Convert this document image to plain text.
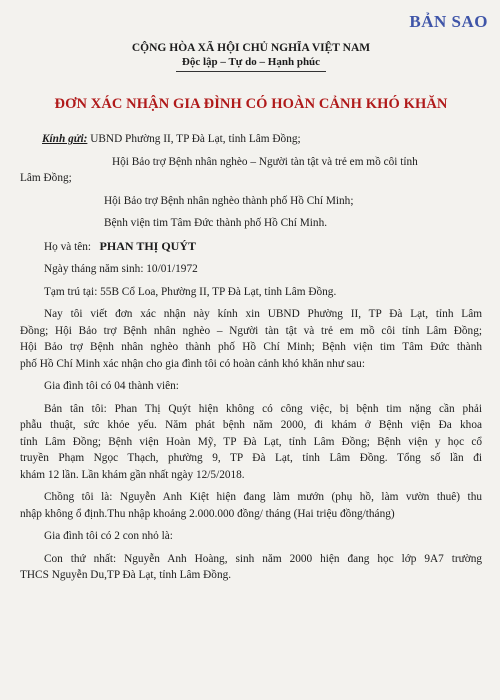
BẢN SAO
CỘNG HÒA XÃ HỘI CHỦ NGHĨA VIỆT NAM
Độc lập – Tự do – Hạnh phúc
ĐƠN XÁC NHẬN GIA ĐÌNH CÓ HOÀN CẢNH KHÓ KHĂN
Kính gửi: UBND Phường II, TP Đà Lạt, tỉnh Lâm Đồng;
Hội Bảo trợ Bệnh nhân nghèo – Người tàn tật và trẻ em mồ côi tỉnh
Lâm Đồng;
Hội Bảo trợ Bệnh nhân nghèo thành phố Hồ Chí Minh;
Bệnh viện tim Tâm Đức thành phố Hồ Chí Minh.
Họ và tên: PHAN THỊ QUÝT
Ngày tháng năm sinh: 10/01/1972
Tạm trú tại: 55B Cổ Loa, Phường II, TP Đà Lạt, tỉnh Lâm Đồng.
Nay tôi viết đơn xác nhận này kính xin UBND Phường II, TP Đà Lạt, tỉnh Lâm
Đồng; Hội Bảo trợ Bệnh nhân nghèo – Người tàn tật và trẻ em mồ côi tỉnh Lâm Đồng;
Hội Bảo trợ Bệnh nhân nghèo thành phố Hồ Chí Minh; Bệnh viện tim Tâm Đức thành
phố Hồ Chí Minh xác nhận cho gia đình tôi có hoàn cảnh khó khăn như sau:
Gia đình tôi có 04 thành viên:
Bản tân tôi: Phan Thị Quýt hiện không có công việc, bị bệnh tim nặng cần phải
phẫu thuật, sức khỏe yếu. Năm phát bệnh năm 2000, đi khám ở Bệnh viện Đa khoa
tỉnh Lâm Đồng; Bệnh viện Hoàn Mỹ, TP Đà Lạt, tỉnh Lâm Đồng; Bệnh viện y học cổ
truyền Phạm Ngọc Thạch, phường 9, TP Đà Lạt, tỉnh Lâm Đồng. Tổng số lần đi
khám 12 lần. Lần khám gần nhất ngày 12/5/2018.
Chồng tôi là: Nguyễn Anh Kiệt hiện đang làm mướn (phụ hồ, làm vườn thuê) thu
nhập không ổ định.Thu nhập khoảng 2.000.000 đồng/ tháng (Hai triệu đồng/tháng)
Gia đình tôi có 2 con nhỏ là:
Con thứ nhất: Nguyễn Anh Hoàng, sinh năm 2000 hiện đang học lớp 9A7 trường
THCS Nguyễn Du,TP Đà Lạt, tỉnh Lâm Đồng.
